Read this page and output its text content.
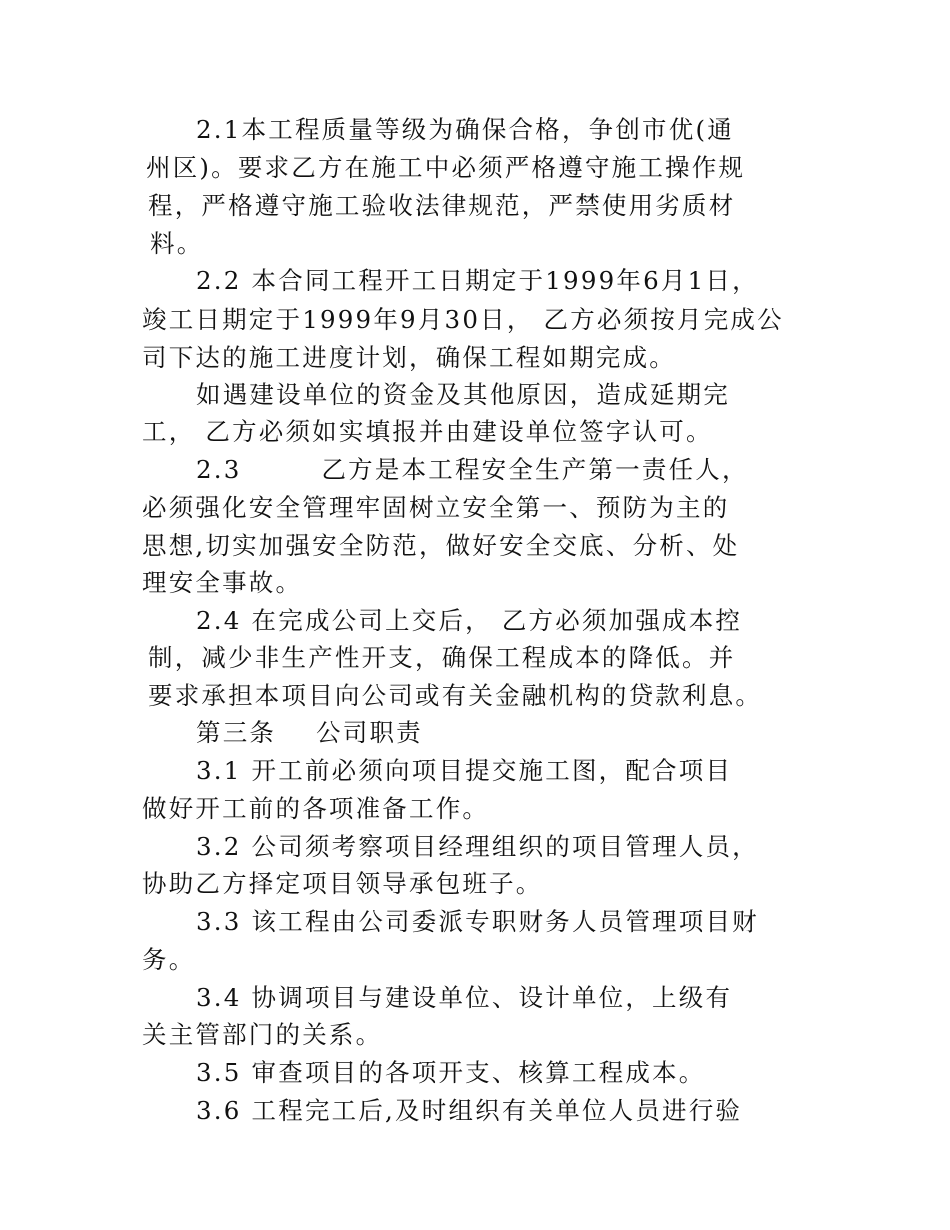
2.1本工程质量等级为确保合格，争创市优(通
州区)。要求乙方在施工中必须严格遵守施工操作规
程，严格遵守施工验收法律规范，严禁使用劣质材
料。
2.2 本合同工程开工日期定于1999年6月1日，
竣工日期定于1999年9月30日， 乙方必须按月完成公
司下达的施工进度计划，确保工程如期完成。
如遇建设单位的资金及其他原因，造成延期完
工， 乙方必须如实填报并由建设单位签字认可。
2.3        乙方是本工程安全生产第一责任人，
必须强化安全管理牢固树立安全第一、预防为主的
思想,切实加强安全防范，做好安全交底、分析、处
理安全事故。
2.4 在完成公司上交后， 乙方必须加强成本控
制，减少非生产性开支，确保工程成本的降低。并
要求承担本项目向公司或有关金融机构的贷款利息。
第三条    公司职责
3.1 开工前必须向项目提交施工图，配合项目
做好开工前的各项准备工作。
3.2 公司须考察项目经理组织的项目管理人员，
协助乙方择定项目领导承包班子。
3.3 该工程由公司委派专职财务人员管理项目财
务。
3.4 协调项目与建设单位、设计单位，上级有
关主管部门的关系。
3.5 审查项目的各项开支、核算工程成本。
3.6 工程完工后,及时组织有关单位人员进行验
